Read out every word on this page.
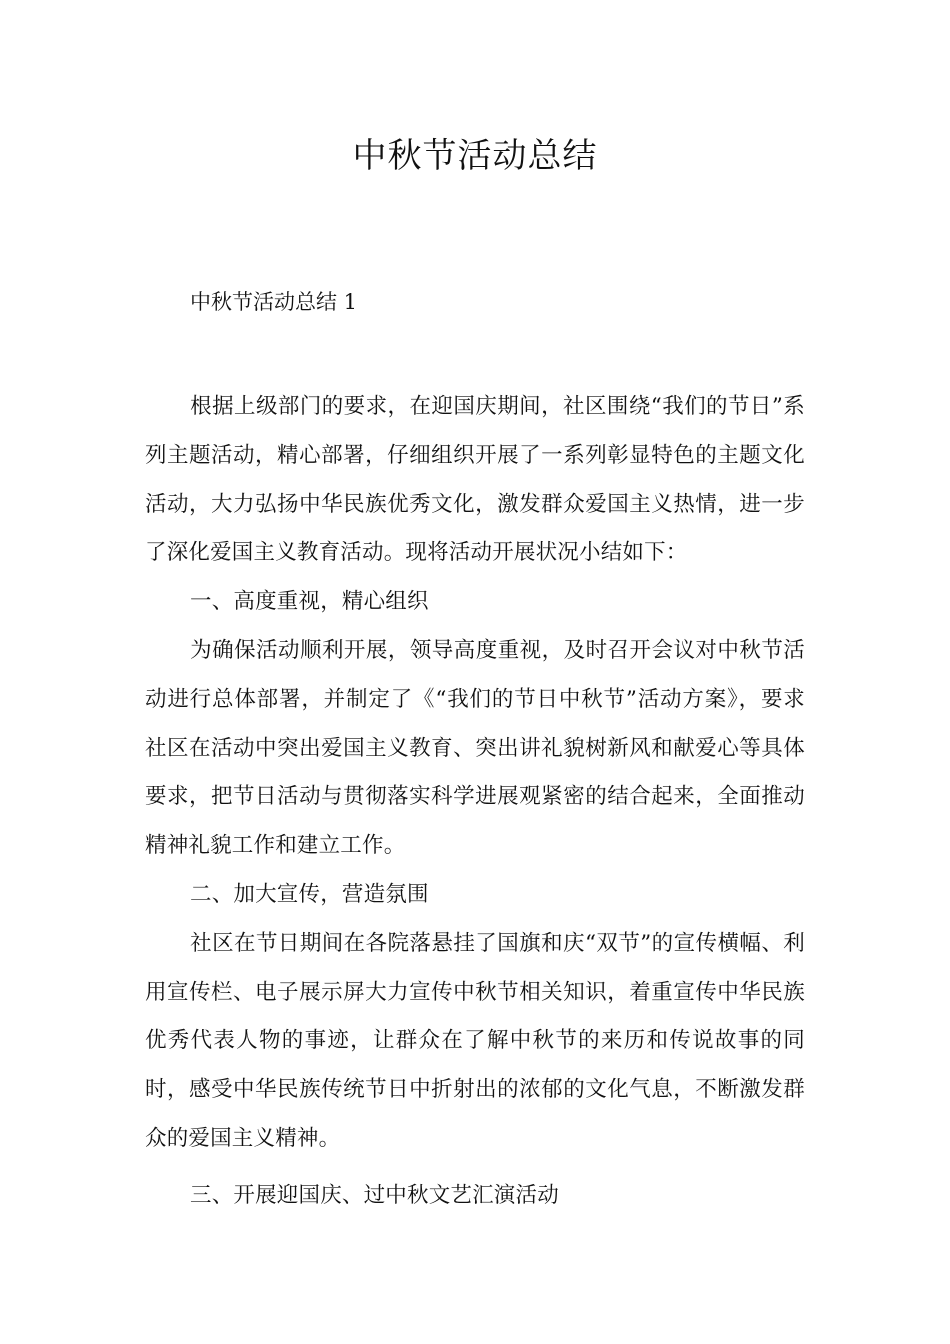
中秋节活动总结

中秋节活动总结 1

根据上级部门的要求，在迎国庆期间，社区围绕“我们的节日”系列主题活动，精心部署，仔细组织开展了一系列彰显特色的主题文化活动，大力弘扬中华民族优秀文化，激发群众爱国主义热情，进一步了深化爱国主义教育活动。现将活动开展状况小结如下：

一、高度重视，精心组织

为确保活动顺利开展，领导高度重视，及时召开会议对中秋节活动进行总体部署，并制定了《“我们的节日中秋节”活动方案》，要求社区在活动中突出爱国主义教育、突出讲礼貌树新风和献爱心等具体要求，把节日活动与贯彻落实科学进展观紧密的结合起来，全面推动精神礼貌工作和建立工作。

二、加大宣传，营造氛围

社区在节日期间在各院落悬挂了国旗和庆“双节”的宣传横幅、利用宣传栏、电子展示屏大力宣传中秋节相关知识，着重宣传中华民族优秀代表人物的事迹，让群众在了解中秋节的来历和传说故事的同时，感受中华民族传统节日中折射出的浓郁的文化气息，不断激发群众的爱国主义精神。

三、开展迎国庆、过中秋文艺汇演活动
